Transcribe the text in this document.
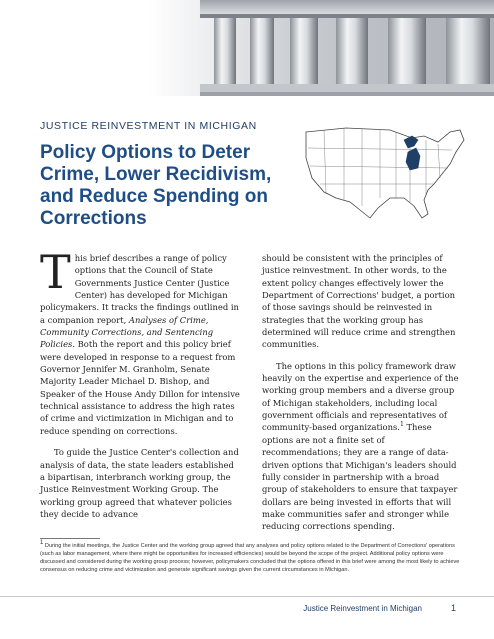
JUSTICE REINVESTMENT IN MICHIGAN
Policy Options to Deter Crime, Lower Recidivism, and Reduce Spending on Corrections

This brief describes a range of policy options that the Council of State Governments Justice Center (Justice Center) has developed for Michigan policymakers. It tracks the findings outlined in a companion report, Analyses of Crime, Community Corrections, and Sentencing Policies. Both the report and this policy brief were developed in response to a request from Governor Jennifer M. Granholm, Senate Majority Leader Michael D. Bishop, and Speaker of the House Andy Dillon for intensive technical assistance to address the high rates of crime and victimization in Michigan and to reduce spending on corrections.

To guide the Justice Center's collection and analysis of data, the state leaders established a bipartisan, interbranch working group, the Justice Reinvestment Working Group. The working group agreed that whatever policies they decide to advance

should be consistent with the principles of justice reinvestment. In other words, to the extent policy changes effectively lower the Department of Corrections' budget, a portion of those savings should be reinvested in strategies that the working group has determined will reduce crime and strengthen communities.

The options in this policy framework draw heavily on the expertise and experience of the working group members and a diverse group of Michigan stakeholders, including local government officials and representatives of community-based organizations.$^1$ These options are not a finite set of recommendations; they are a range of data-driven options that Michigan's leaders should fully consider in partnership with a broad group of stakeholders to ensure that taxpayer dollars are being invested in efforts that will make communities safer and stronger while reducing corrections spending.

$^1$ During the initial meetings, the Justice Center and the working group agreed that any analyses and policy options related to the Department of Corrections' operations (such as labor management, where there might be opportunities for increased efficiencies) would be beyond the scope of the project. Additional policy options were discussed and considered during the working group process; however, policymakers concluded that the options offered in this brief were among the most likely to achieve consensus on reducing crime and victimization and generate significant savings given the current circumstances in Michigan.
Justice Reinvestment in Michigan	1
